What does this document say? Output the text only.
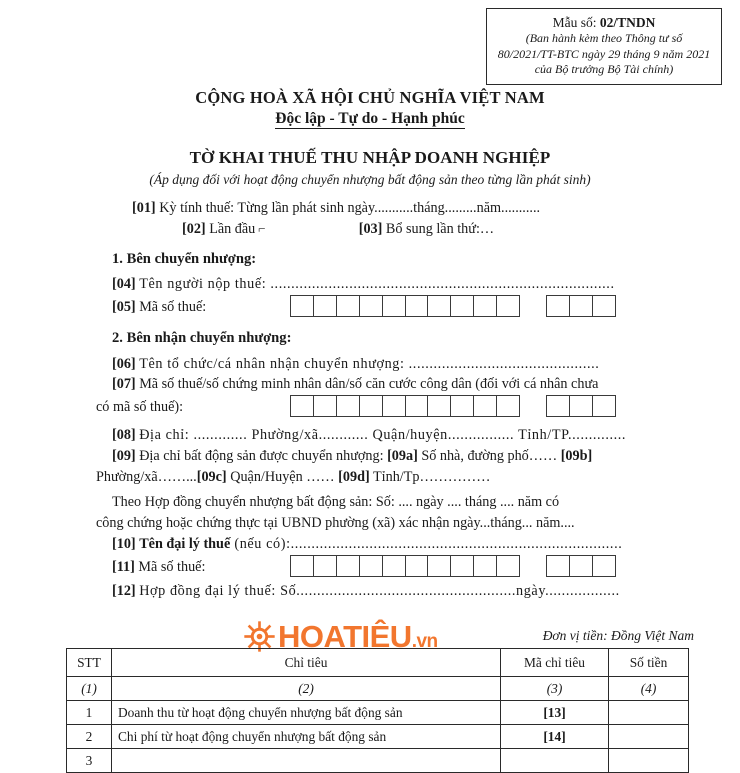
Mẫu số: 02/TNDN
(Ban hành kèm theo Thông tư số
80/2021/TT-BTC ngày 29 tháng 9 năm 2021
của Bộ trưởng Bộ Tài chính)
CỘNG HOÀ XÃ HỘI CHỦ NGHĨA VIỆT NAM
Độc lập - Tự do - Hạnh phúc
TỜ KHAI THUẾ THU NHẬP DOANH NGHIỆP
(Áp dụng đối với hoạt động chuyển nhượng bất động sản theo từng lần phát sinh)
[01] Kỳ tính thuế: Từng lần phát sinh ngày...........tháng.........năm...........
[02] Lần đầu ⌐	[03] Bổ sung lần thứ:…
1. Bên chuyển nhượng:
[04] Tên người nộp thuế: ...................................................................................
[05] Mã số thuế:
2. Bên nhận chuyển nhượng:
[06] Tên tổ chức/cá nhân nhận chuyển nhượng: ..............................................
[07] Mã số thuế/số chứng minh nhân dân/số căn cước công dân (đối với cá nhân chưa
có mã số thuế):
[08] Địa chỉ: ............. Phường/xã............ Quận/huyện................ Tỉnh/TP..............
[09] Địa chỉ bất động sản được chuyển nhượng: [09a] Số nhà, đường phố…… [09b]
Phường/xã……...[09c] Quận/Huyện …… [09d] Tỉnh/Tp……………
Theo Hợp đồng chuyển nhượng bất động sản: Số: .... ngày .... tháng .... năm có
công chứng hoặc chứng thực tại UBND phường (xã) xác nhận ngày...tháng... năm....
[10] Tên đại lý thuế (nếu có):................................................................................
[11] Mã số thuế:
[12] Hợp đồng đại lý thuế: Số.....................................................ngày..................
HOATIÊU.vn	Đơn vị tiền: Đồng Việt Nam
STT	Chỉ tiêu	Mã chỉ tiêu	Số tiền
(1)	(2)	(3)	(4)
1	Doanh thu từ hoạt động chuyển nhượng bất động sản	[13]	
2	Chi phí từ hoạt động chuyển nhượng bất động sản	[14]	
3			
